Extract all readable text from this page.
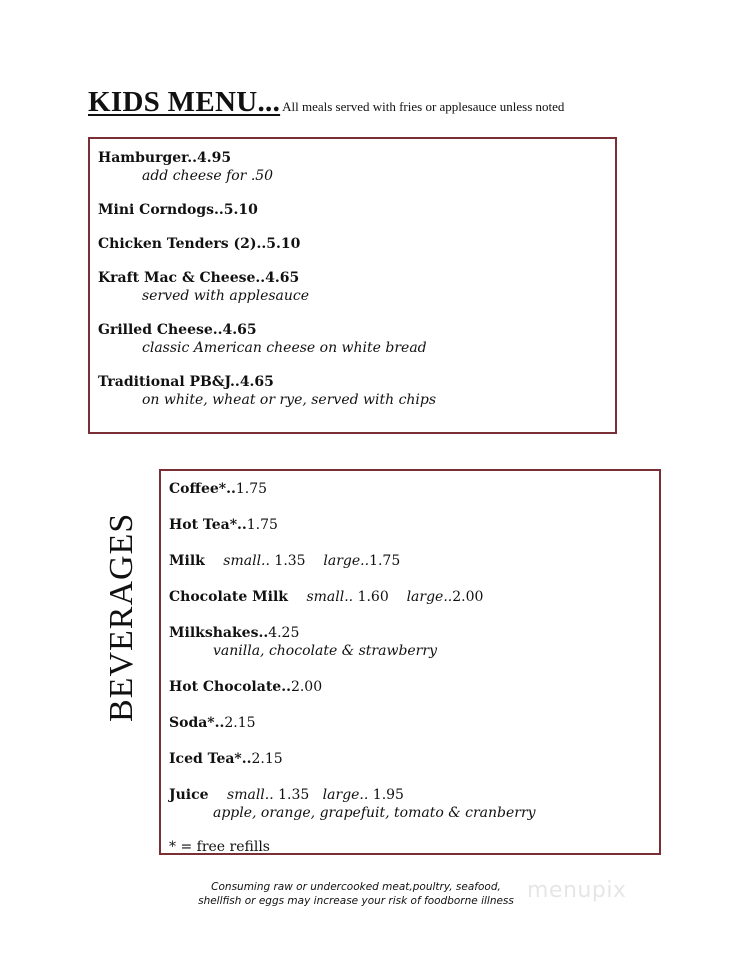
KIDS MENU... All meals served with fries or applesauce unless noted
Hamburger..4.95
add cheese for .50
Mini Corndogs..5.10
Chicken Tenders (2)..5.10
Kraft Mac & Cheese..4.65
served with applesauce
Grilled Cheese..4.65
classic American cheese on white bread
Traditional PB&J..4.65
on white, wheat or rye, served with chips
BEVERAGES
Coffee*..1.75
Hot Tea*..1.75
Milk small.. 1.35 large..1.75
Chocolate Milk small.. 1.60 large..2.00
Milkshakes..4.25
vanilla, chocolate & strawberry
Hot Chocolate..2.00
Soda*..2.15
Iced Tea*..2.15
Juice small.. 1.35 large.. 1.95
apple, orange, grapefuit, tomato & cranberry
* = free refills
Consuming raw or undercooked meat,poultry, seafood,
shellfish or eggs may increase your risk of foodborne illness menupix
